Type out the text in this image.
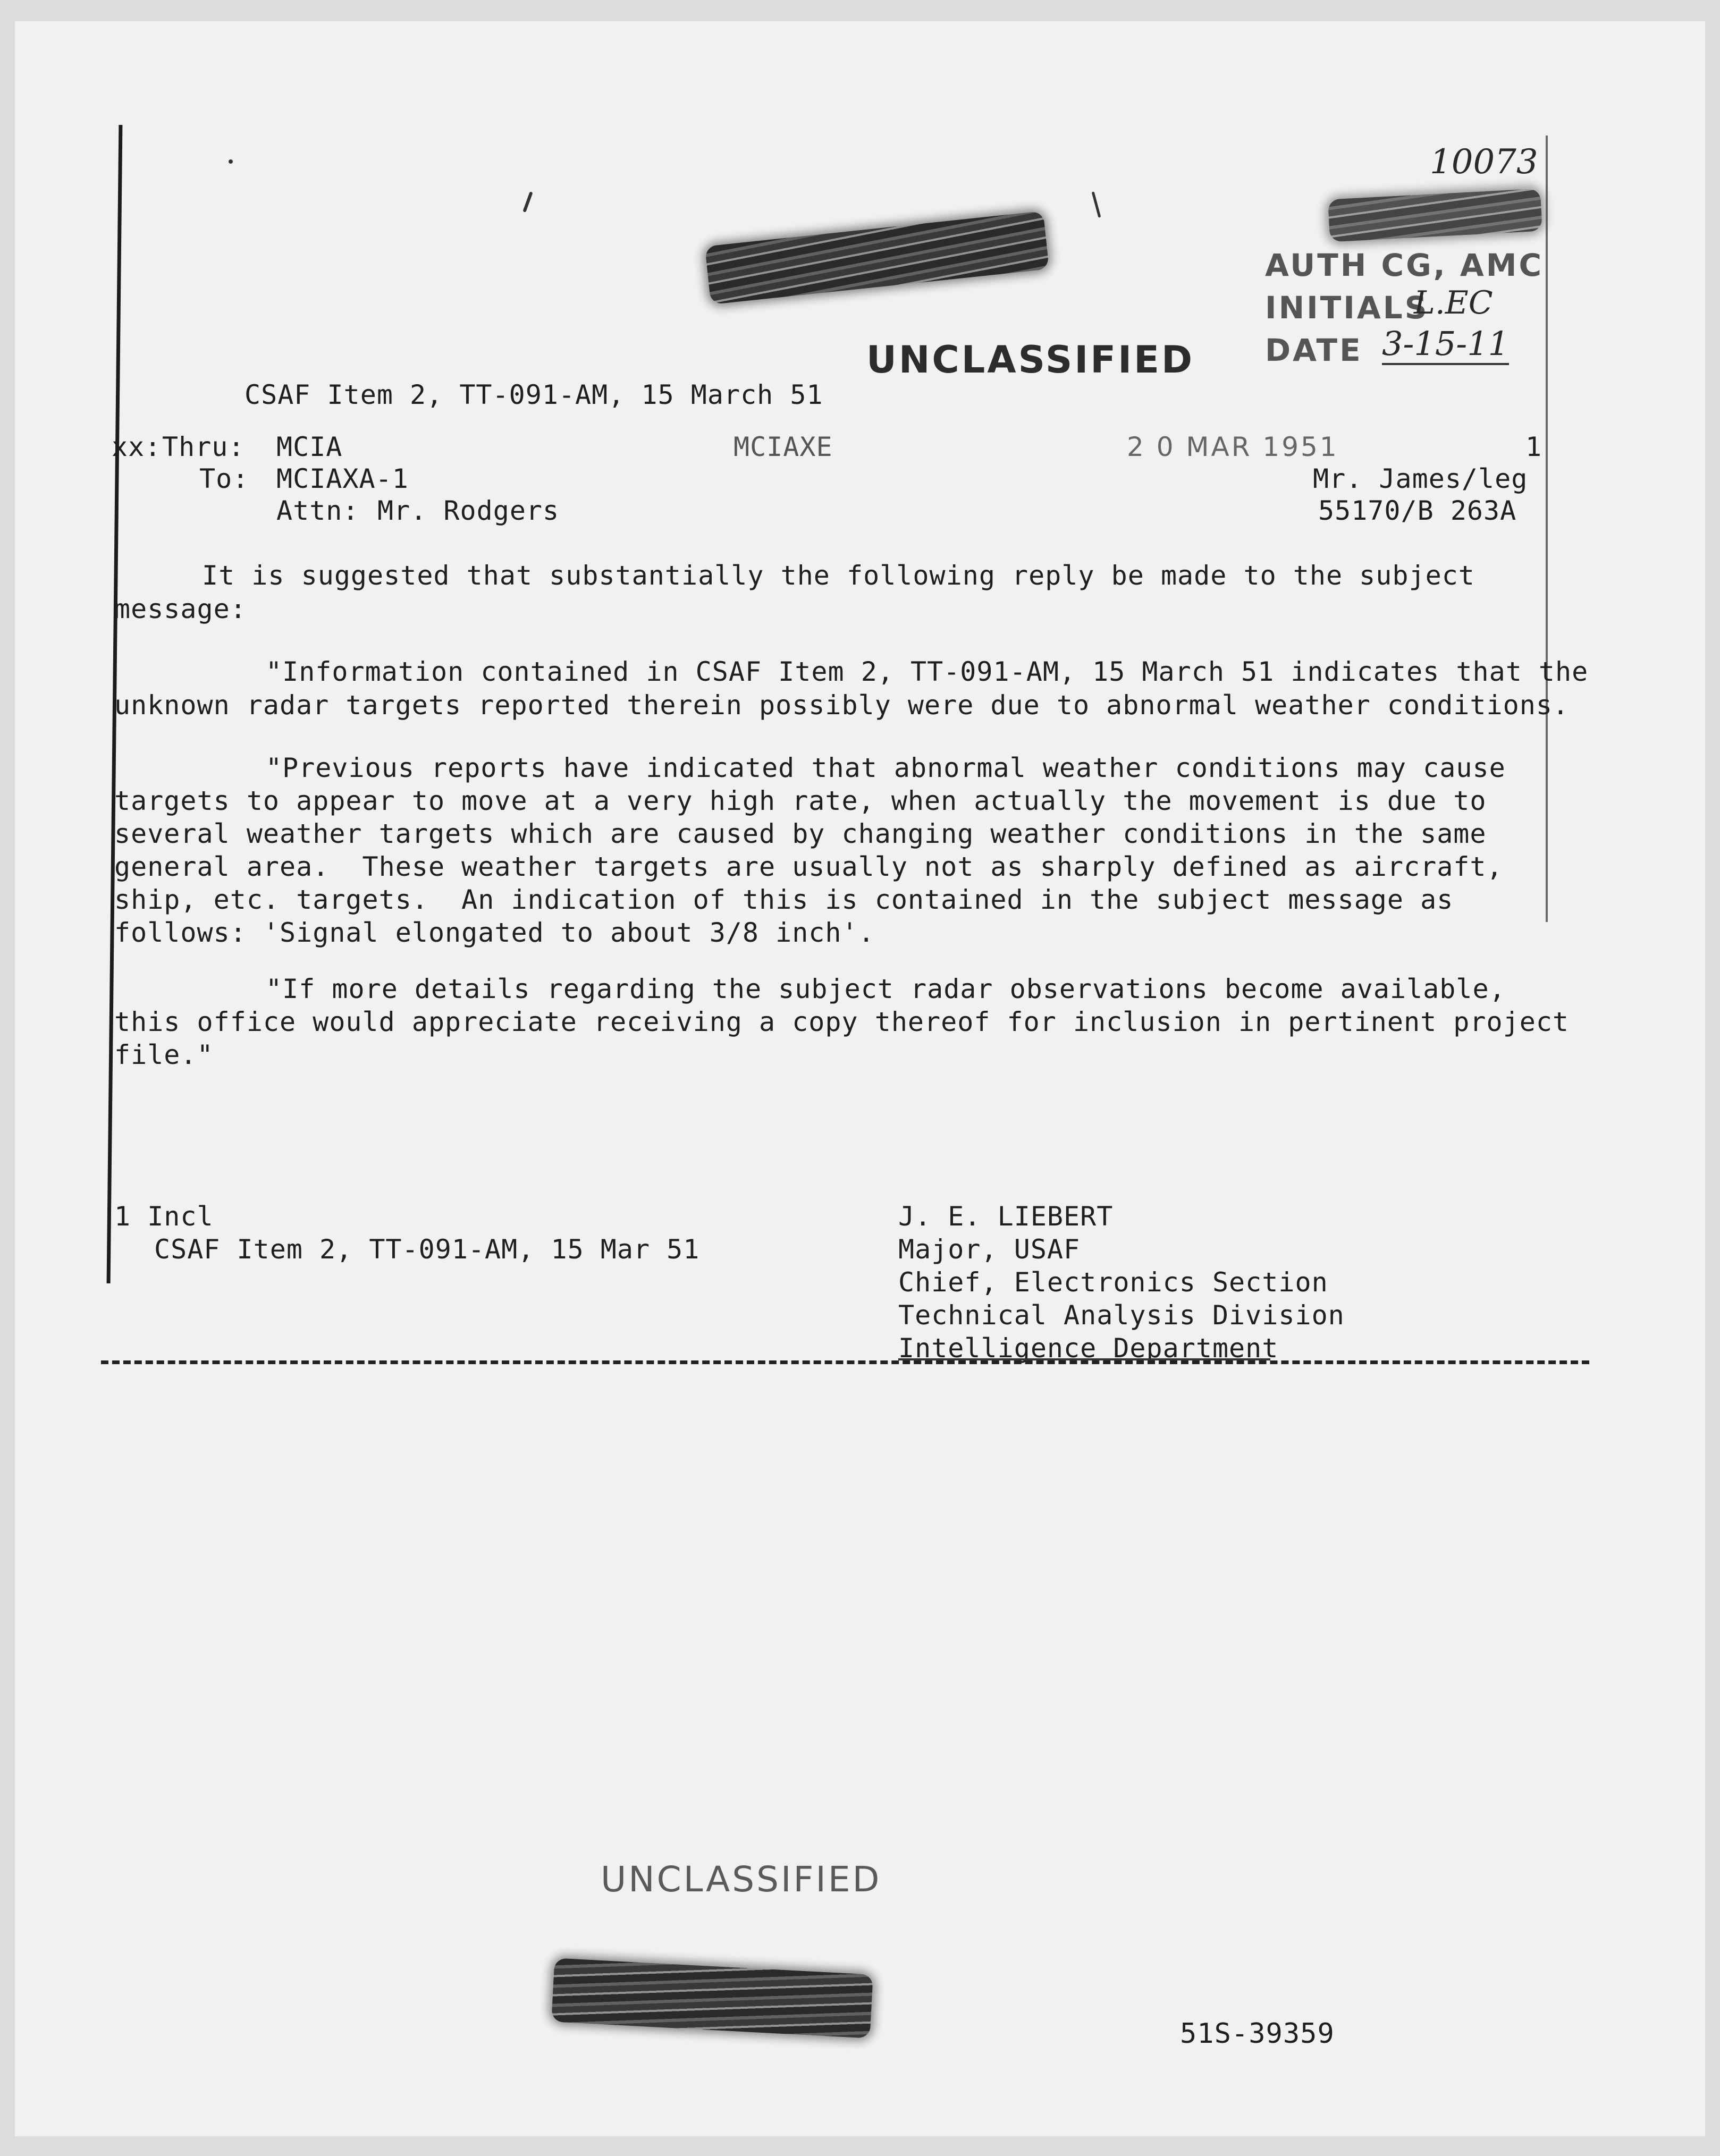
10073
AUTH CG, AMC
INITIALS
L.EC
DATE 3-15-11
UNCLASSIFIED
CSAF Item 2, TT-091-AM, 15 March 51
xx: Thru: MCIA	MCIAXE	2 0 MAR 1951	1
To: MCIAXA-1	Mr. James/leg
Attn: Mr. Rodgers	55170/B 263A
It is suggested that substantially the following reply be made to the subject
message:
"Information contained in CSAF Item 2, TT-091-AM, 15 March 51 indicates that the
unknown radar targets reported therein possibly were due to abnormal weather conditions.
"Previous reports have indicated that abnormal weather conditions may cause
targets to appear to move at a very high rate, when actually the movement is due to
several weather targets which are caused by changing weather conditions in the same
general area.  These weather targets are usually not as sharply defined as aircraft,
ship, etc. targets.  An indication of this is contained in the subject message as
follows: 'Signal elongated to about 3/8 inch'.
"If more details regarding the subject radar observations become available,
this office would appreciate receiving a copy thereof for inclusion in pertinent project
file."
1 Incl
CSAF Item 2, TT-091-AM, 15 Mar 51
J. E. LIEBERT
Major, USAF
Chief, Electronics Section
Technical Analysis Division
Intelligence Department
UNCLASSIFIED
51S-39359
